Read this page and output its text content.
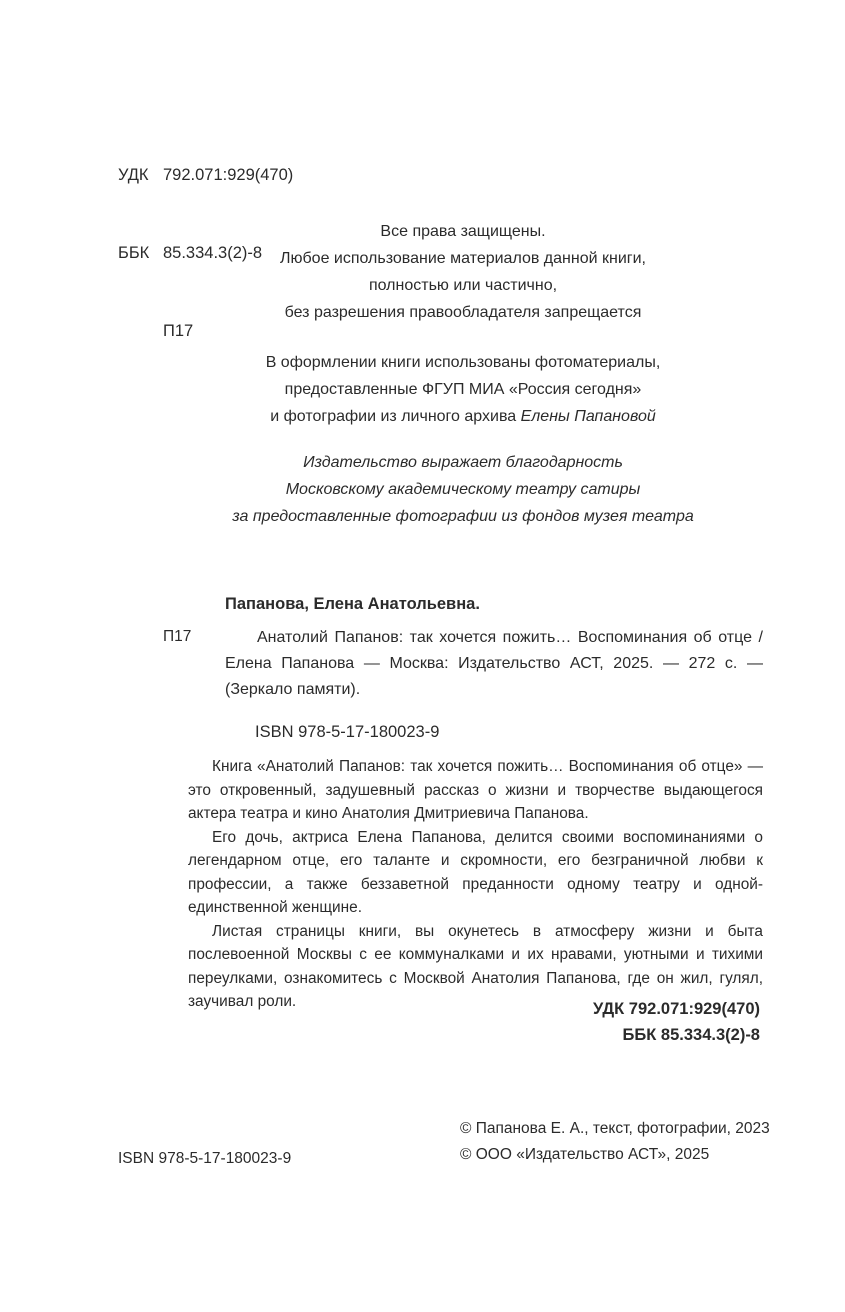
УДК 792.071:929(470)

ББК 85.334.3(2)-8

П17

Все права защищены.
Любое использование материалов данной книги,
полностью или частично,
без разрешения правообладателя запрещается
В оформлении книги использованы фотоматериалы,
предоставленные ФГУП МИА «Россия сегодня»
и фотографии из личного архива Елены Папановой
Издательство выражает благодарность
Московскому академическому театру сатиры
за предоставленные фотографии из фондов музея театра
П17

Папанова, Елена Анатольевна.

Анатолий Папанов: так хочется пожить… Воспоминания об отце / Елена Папанова — Москва: Издательство АСТ, 2025. — 272 с. — (Зеркало памяти).

ISBN 978-5-17-180023-9

Книга «Анатолий Папанов: так хочется пожить… Воспоминания об отце» — это откровенный, задушевный рассказ о жизни и творчестве выдающегося актера театра и кино Анатолия Дмитриевича Папанова.

Его дочь, актриса Елена Папанова, делится своими воспоминаниями о легендарном отце, его таланте и скромности, его безграничной любви к профессии, а также беззаветной преданности одному театру и одной-единственной женщине.

Листая страницы книги, вы окунетесь в атмосферу жизни и быта послевоенной Москвы с ее коммуналками и их нравами, уютными и тихими переулками, ознакомитесь с Москвой Анатолия Папанова, где он жил, гулял, заучивал роли.	УДК 792.071:929(470)
ББК 85.334.3(2)-8
ISBN 978-5-17-180023-9
© Папанова Е. А., текст, фотографии, 2023
© ООО «Издательство АСТ», 2025
